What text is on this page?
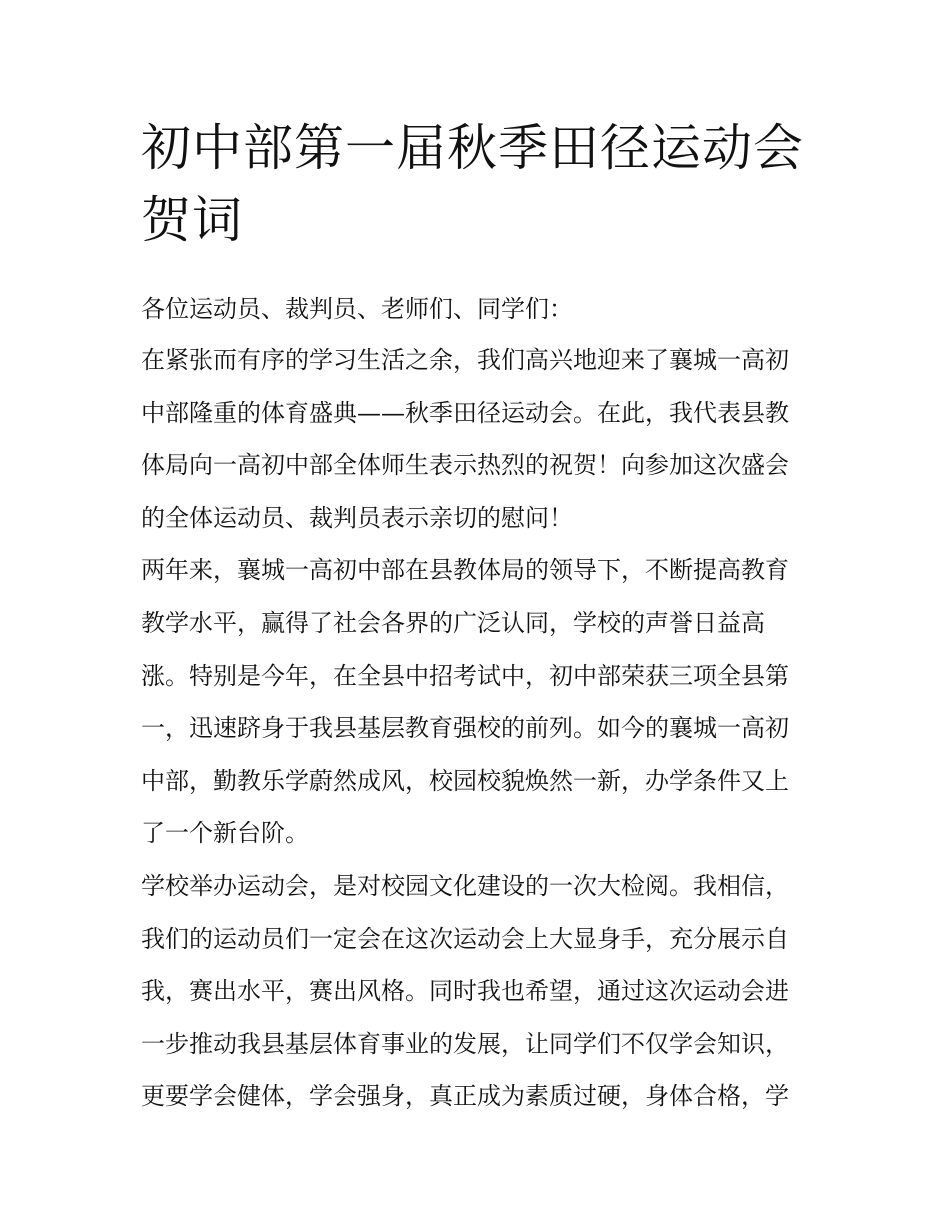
初中部第一届秋季田径运动会
贺词

各位运动员、裁判员、老师们、同学们：

在紧张而有序的学习生活之余，我们高兴地迎来了襄城一高初
中部隆重的体育盛典——秋季田径运动会。在此，我代表县教
体局向一高初中部全体师生表示热烈的祝贺！向参加这次盛会
的全体运动员、裁判员表示亲切的慰问！

两年来，襄城一高初中部在县教体局的领导下，不断提高教育
教学水平，赢得了社会各界的广泛认同，学校的声誉日益高
涨。特别是今年，在全县中招考试中，初中部荣获三项全县第
一，迅速跻身于我县基层教育强校的前列。如今的襄城一高初
中部，勤教乐学蔚然成风，校园校貌焕然一新，办学条件又上
了一个新台阶。

学校举办运动会，是对校园文化建设的一次大检阅。我相信，
我们的运动员们一定会在这次运动会上大显身手，充分展示自
我，赛出水平，赛出风格。同时我也希望，通过这次运动会进
一步推动我县基层体育事业的发展，让同学们不仅学会知识，
更要学会健体，学会强身，真正成为素质过硬，身体合格，学
